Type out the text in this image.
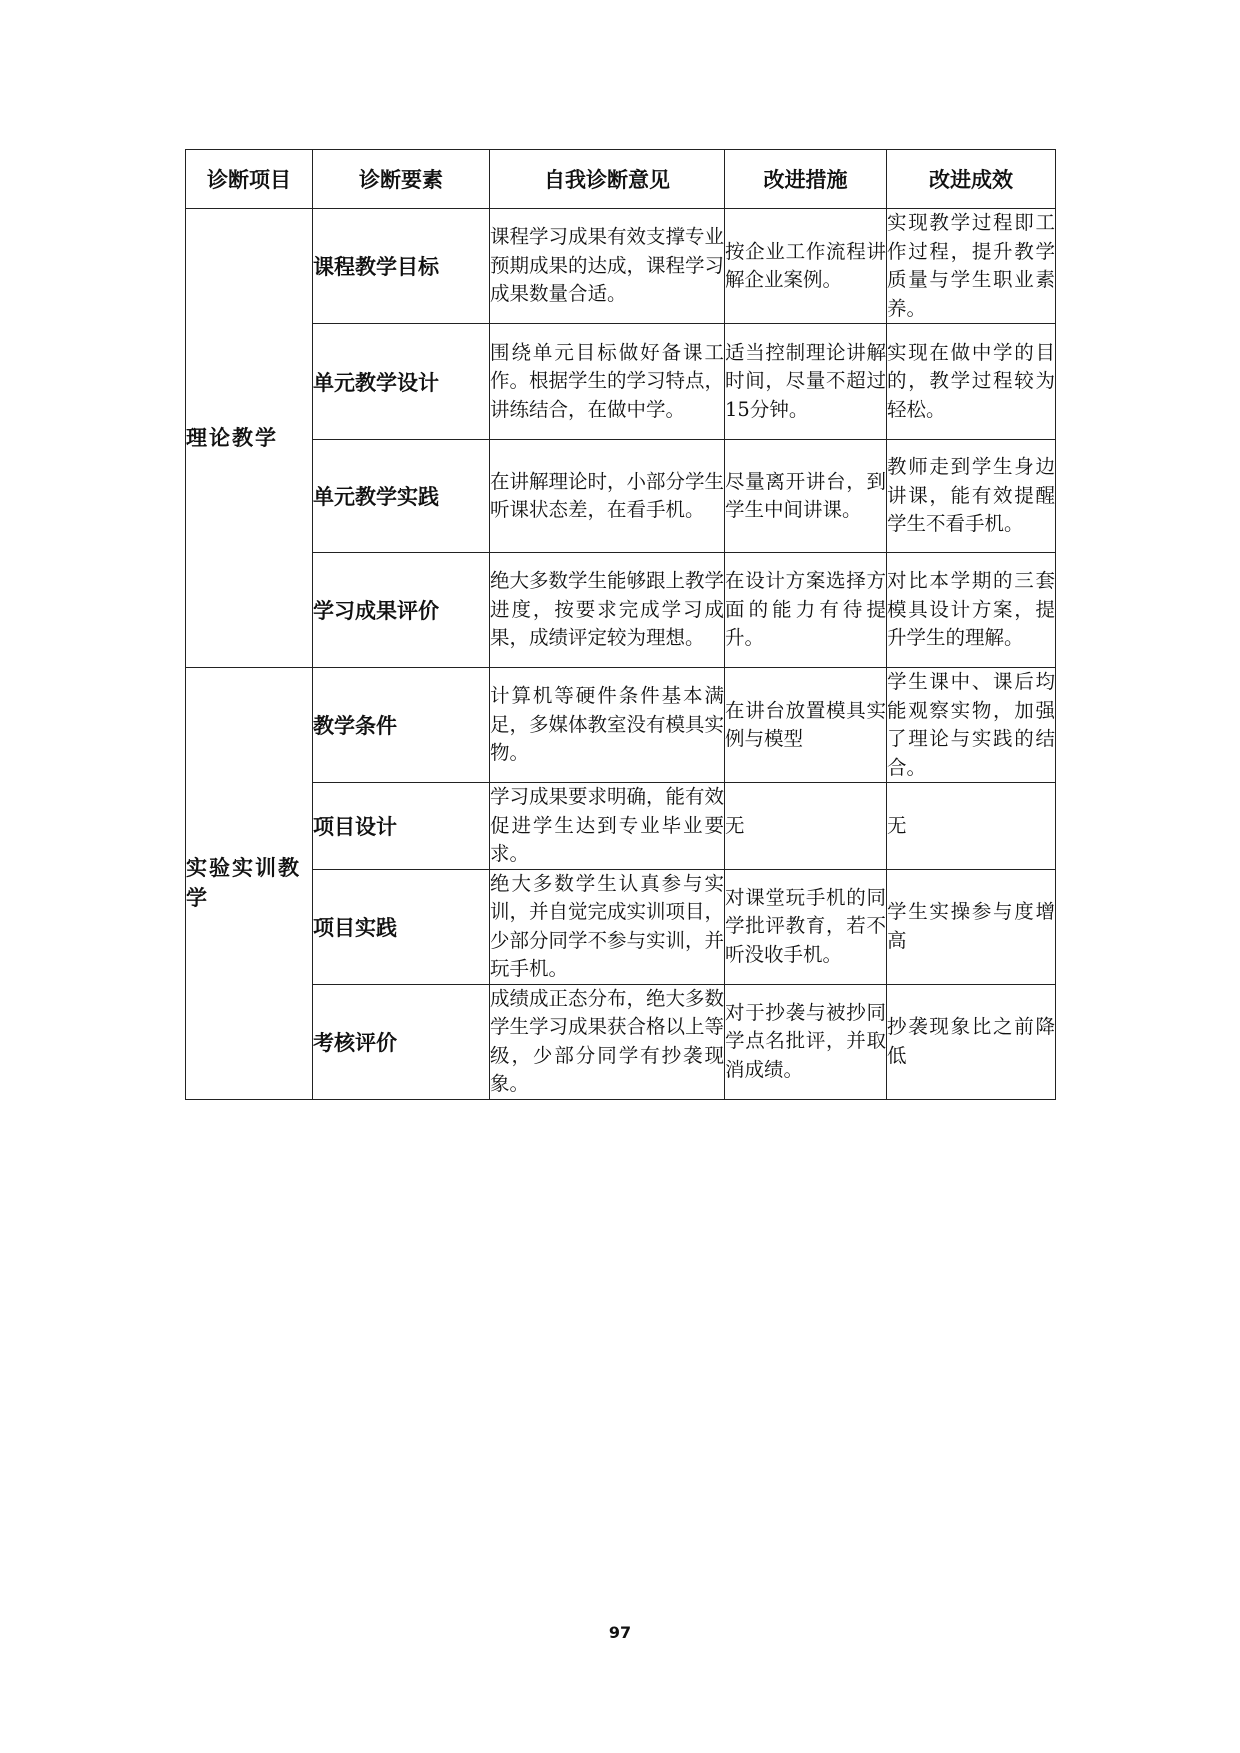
诊断项目	诊断要素	自我诊断意见	改进措施	改进成效
理论教学	课程教学目标	课程学习成果有效支撑专业预期成果的达成，课程学习成果数量合适。	按企业工作流程讲解企业案例。	实现教学过程即工作过程，提升教学质量与学生职业素养。
	单元教学设计	围绕单元目标做好备课工作。根据学生的学习特点，讲练结合，在做中学。	适当控制理论讲解时间，尽量不超过15分钟。	实现在做中学的目的，教学过程较为轻松。
	单元教学实践	在讲解理论时，小部分学生听课状态差，在看手机。	尽量离开讲台，到学生中间讲课。	教师走到学生身边讲课，能有效提醒学生不看手机。
	学习成果评价	绝大多数学生能够跟上教学进度，按要求完成学习成果，成绩评定较为理想。	在设计方案选择方面的能力有待提升。	对比本学期的三套模具设计方案，提升学生的理解。
实验实训教学	教学条件	计算机等硬件条件基本满足，多媒体教室没有模具实物。	在讲台放置模具实例与模型	学生课中、课后均能观察实物，加强了理论与实践的结合。
	项目设计	学习成果要求明确，能有效促进学生达到专业毕业要求。	无	无
	项目实践	绝大多数学生认真参与实训，并自觉完成实训项目，少部分同学不参与实训，并玩手机。	对课堂玩手机的同学批评教育，若不听没收手机。	学生实操参与度增高
	考核评价	成绩成正态分布，绝大多数学生学习成果获合格以上等级，少部分同学有抄袭现象。	对于抄袭与被抄同学点名批评，并取消成绩。	抄袭现象比之前降低
97
